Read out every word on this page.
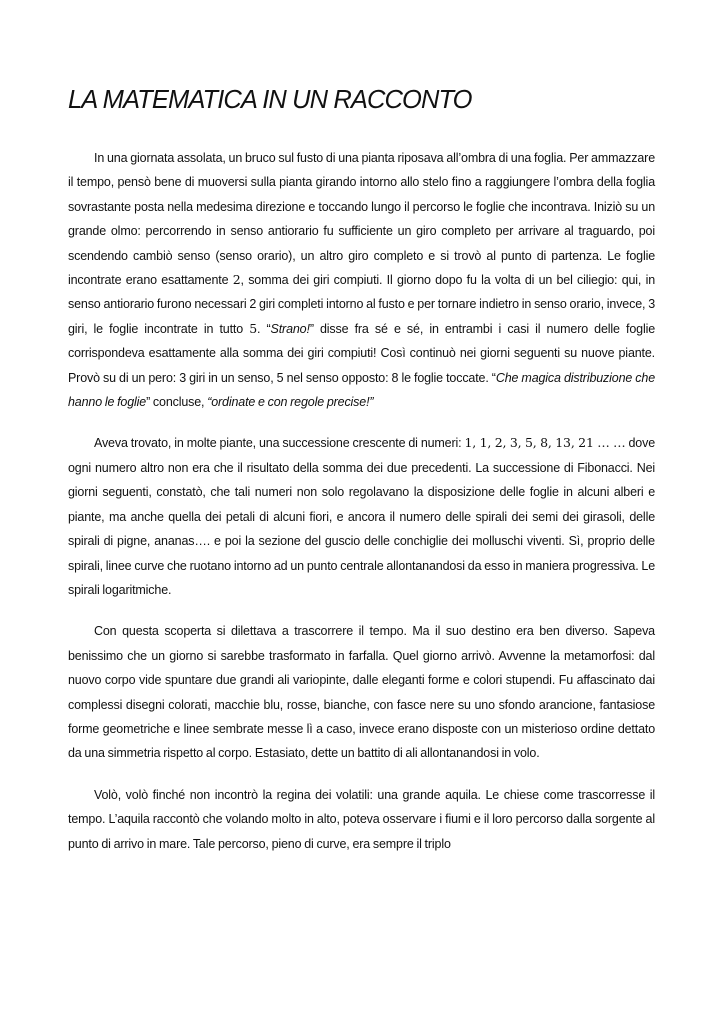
LA MATEMATICA IN UN RACCONTO

In una giornata assolata, un bruco sul fusto di una pianta riposava all’ombra di una foglia. Per ammazzare il tempo, pensò bene di muoversi sulla pianta girando intorno allo stelo fino a raggiungere l’ombra della foglia sovrastante posta nella medesima direzione e toccando lungo il percorso le foglie che incontrava. Iniziò su un grande olmo: percorrendo in senso antiorario fu sufficiente un giro completo per arrivare al traguardo, poi scendendo cambiò senso (senso orario), un altro giro completo e si trovò al punto di partenza. Le foglie incontrate erano esattamente 2, somma dei giri compiuti. Il giorno dopo fu la volta di un bel ciliegio: qui, in senso antiorario furono necessari 2 giri completi intorno al fusto e per tornare indietro in senso orario, invece, 3 giri, le foglie incontrate in tutto 5. “Strano!” disse fra sé e sé, in entrambi i casi il numero delle foglie corrispondeva esattamente alla somma dei giri compiuti! Così continuò nei giorni seguenti su nuove piante. Provò su di un pero: 3 giri in un senso, 5 nel senso opposto: 8 le foglie toccate. “Che magica distribuzione che hanno le foglie” concluse, “ordinate e con regole precise!”

Aveva trovato, in molte piante, una successione crescente di numeri: 1, 1, 2, 3, 5, 8, 13, 21 … … dove ogni numero altro non era che il risultato della somma dei due precedenti. La successione di Fibonacci. Nei giorni seguenti, constatò, che tali numeri non solo regolavano la disposizione delle foglie in alcuni alberi e piante, ma anche quella dei petali di alcuni fiori, e ancora il numero delle spirali dei semi dei girasoli, delle spirali di pigne, ananas…. e poi la sezione del guscio delle conchiglie dei molluschi viventi. Sì, proprio delle spirali, linee curve che ruotano intorno ad un punto centrale allontanandosi da esso in maniera progressiva. Le spirali logaritmiche.

Con questa scoperta si dilettava a trascorrere il tempo. Ma il suo destino era ben diverso. Sapeva benissimo che un giorno si sarebbe trasformato in farfalla. Quel giorno arrivò. Avvenne la metamorfosi: dal nuovo corpo vide spuntare due grandi ali variopinte, dalle eleganti forme e colori stupendi. Fu affascinato dai complessi disegni colorati, macchie blu, rosse, bianche, con fasce nere su uno sfondo arancione, fantasiose forme geometriche e linee sembrate messe lì a caso, invece erano disposte con un misterioso ordine dettato da una simmetria rispetto al corpo. Estasiato, dette un battito di ali allontanandosi in volo.

Volò, volò finché non incontrò la regina dei volatili: una grande aquila. Le chiese come trascorresse il tempo. L’aquila raccontò che volando molto in alto, poteva osservare i fiumi e il loro percorso dalla sorgente al punto di arrivo in mare. Tale percorso, pieno di curve, era sempre il triplo
